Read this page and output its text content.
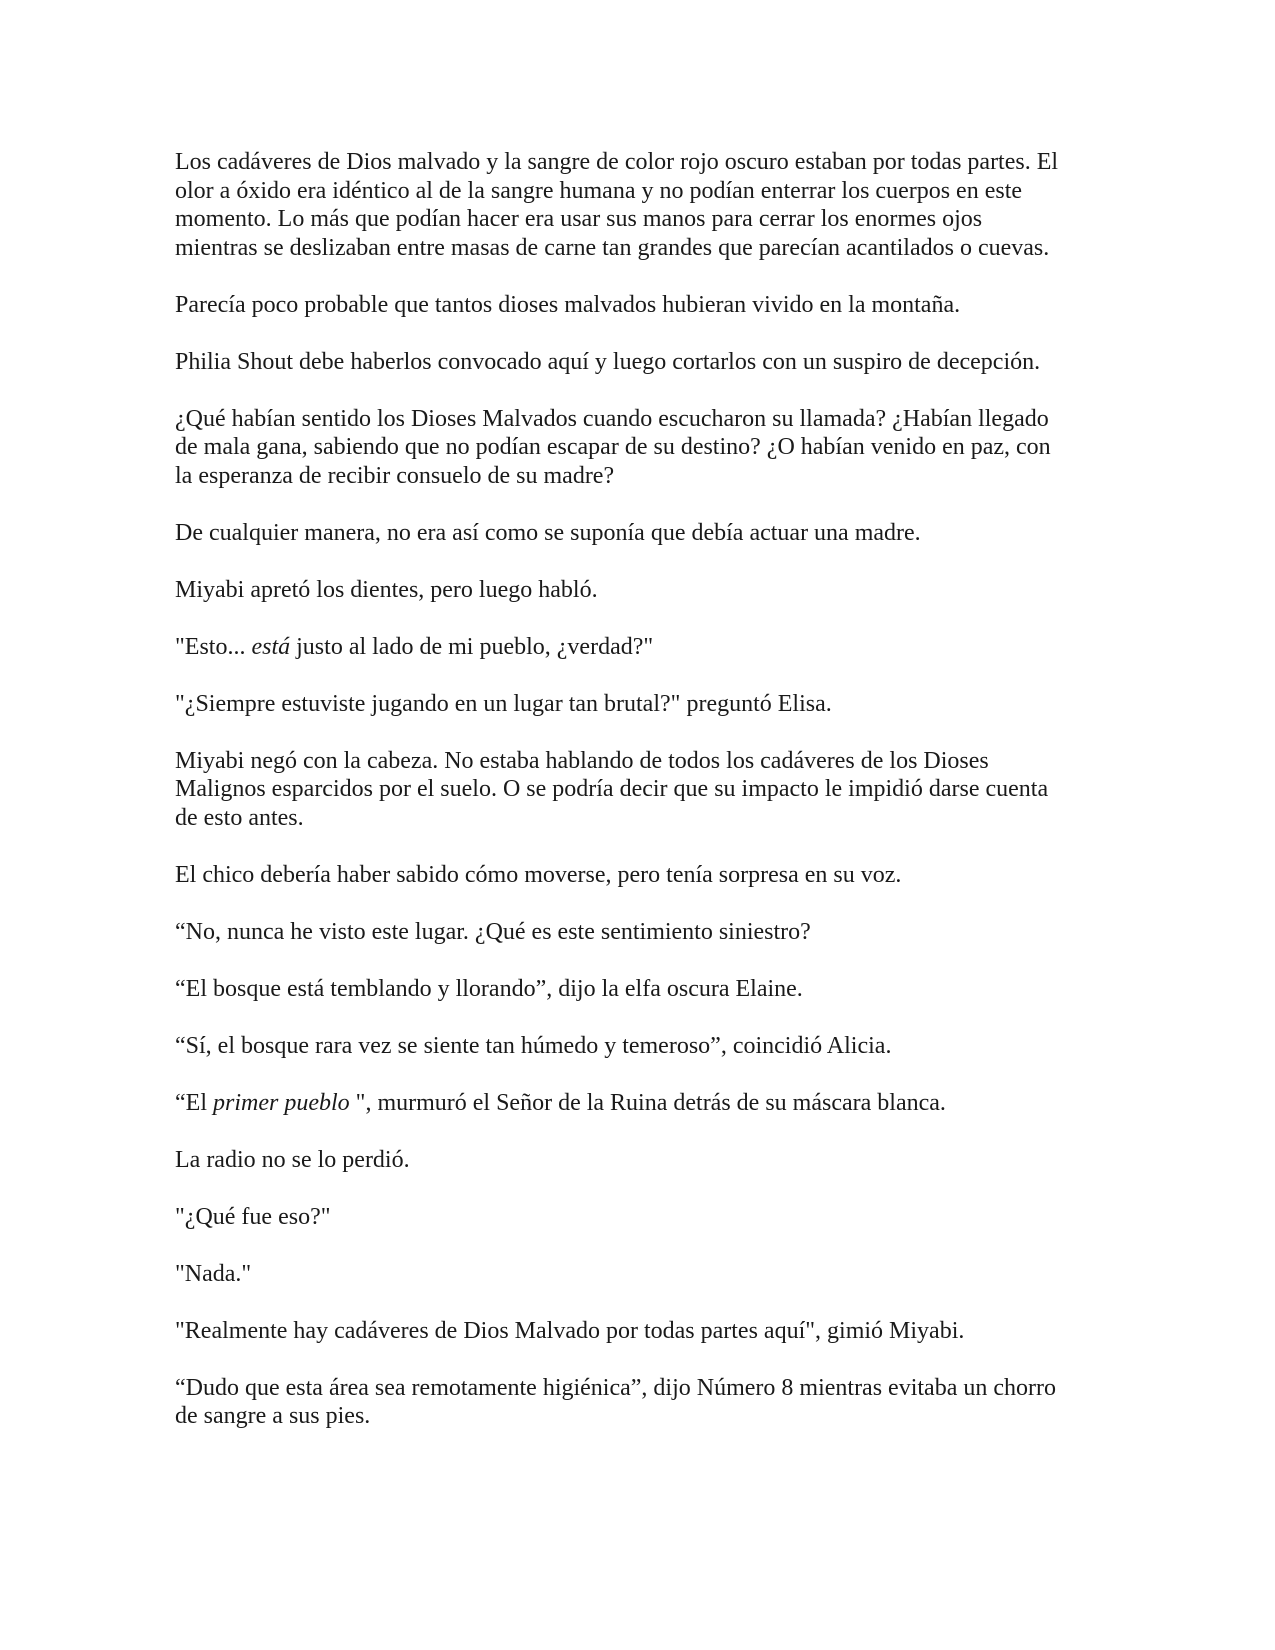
Los cadáveres de Dios malvado y la sangre de color rojo oscuro estaban por todas partes. El
olor a óxido era idéntico al de la sangre humana y no podían enterrar los cuerpos en este
momento. Lo más que podían hacer era usar sus manos para cerrar los enormes ojos
mientras se deslizaban entre masas de carne tan grandes que parecían acantilados o cuevas.

Parecía poco probable que tantos dioses malvados hubieran vivido en la montaña.

Philia Shout debe haberlos convocado aquí y luego cortarlos con un suspiro de decepción.

¿Qué habían sentido los Dioses Malvados cuando escucharon su llamada? ¿Habían llegado
de mala gana, sabiendo que no podían escapar de su destino? ¿O habían venido en paz, con
la esperanza de recibir consuelo de su madre?

De cualquier manera, no era así como se suponía que debía actuar una madre.

Miyabi apretó los dientes, pero luego habló.

"Esto... está justo al lado de mi pueblo, ¿verdad?"

"¿Siempre estuviste jugando en un lugar tan brutal?" preguntó Elisa.

Miyabi negó con la cabeza. No estaba hablando de todos los cadáveres de los Dioses
Malignos esparcidos por el suelo. O se podría decir que su impacto le impidió darse cuenta
de esto antes.

El chico debería haber sabido cómo moverse, pero tenía sorpresa en su voz.

“No, nunca he visto este lugar. ¿Qué es este sentimiento siniestro?

“El bosque está temblando y llorando”, dijo la elfa oscura Elaine.

“Sí, el bosque rara vez se siente tan húmedo y temeroso”, coincidió Alicia.

“El primer pueblo ", murmuró el Señor de la Ruina detrás de su máscara blanca.

La radio no se lo perdió.

"¿Qué fue eso?"

"Nada."

"Realmente hay cadáveres de Dios Malvado por todas partes aquí", gimió Miyabi.

“Dudo que esta área sea remotamente higiénica”, dijo Número 8 mientras evitaba un chorro
de sangre a sus pies.
